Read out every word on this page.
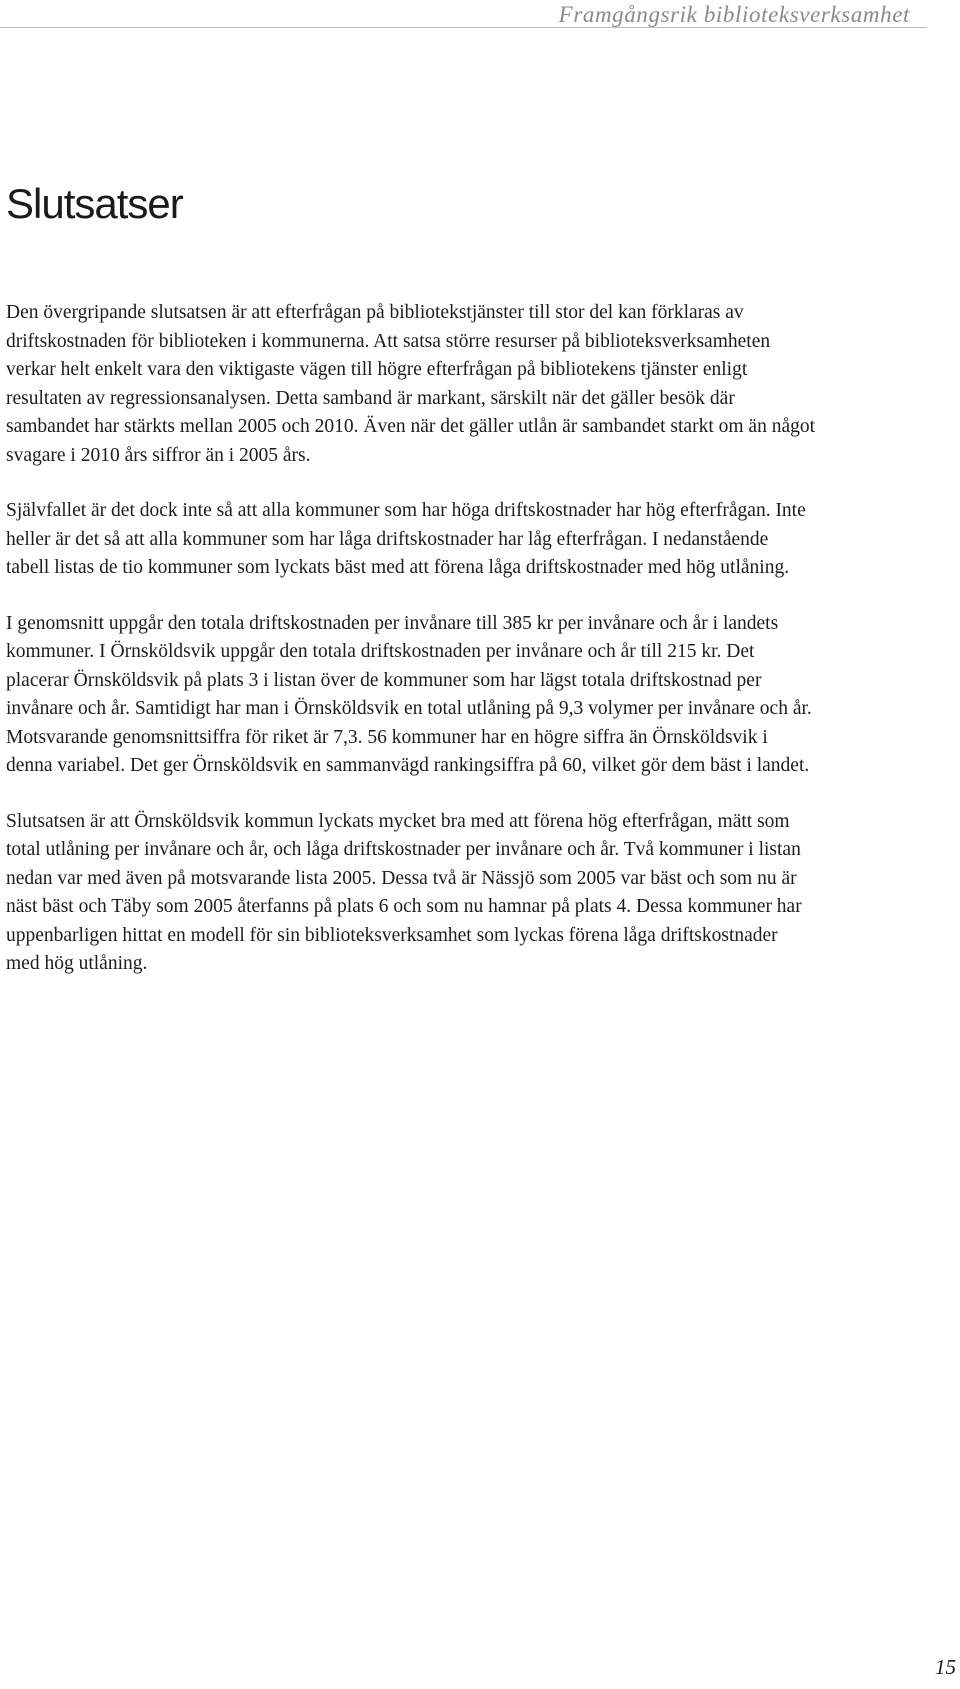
Framgångsrik biblioteksverksamhet
Slutsatser

Den övergripande slutsatsen är att efterfrågan på bibliotekstjänster till stor del kan förklaras av driftskostnaden för biblioteken i kommunerna. Att satsa större resurser på biblioteksverksamheten verkar helt enkelt vara den viktigaste vägen till högre efterfrågan på bibliotekens tjänster enligt resultaten av regressionsanalysen. Detta samband är markant, särskilt när det gäller besök där sambandet har stärkts mellan 2005 och 2010. Även när det gäller utlån är sambandet starkt om än något svagare i 2010 års siffror än i 2005 års.

Självfallet är det dock inte så att alla kommuner som har höga driftskostnader har hög efterfrågan. Inte heller är det så att alla kommuner som har låga driftskostnader har låg efterfrågan. I nedanstående tabell listas de tio kommuner som lyckats bäst med att förena låga driftskostnader med hög utlåning.

I genomsnitt uppgår den totala driftskostnaden per invånare till 385 kr per invånare och år i landets kommuner. I Örnsköldsvik uppgår den totala driftskostnaden per invånare och år till 215 kr. Det placerar Örnsköldsvik på plats 3 i listan över de kommuner som har lägst totala driftskostnad per invånare och år. Samtidigt har man i Örnsköldsvik en total utlåning på 9,3 volymer per invånare och år. Motsvarande genomsnittsiffra för riket är 7,3. 56 kommuner har en högre siffra än Örnsköldsvik i denna variabel. Det ger Örnsköldsvik en sammanvägd rankingsiffra på 60, vilket gör dem bäst i landet.

Slutsatsen är att Örnsköldsvik kommun lyckats mycket bra med att förena hög efterfrågan, mätt som total utlåning per invånare och år, och låga driftskostnader per invånare och år. Två kommuner i listan nedan var med även på motsvarande lista 2005. Dessa två är Nässjö som 2005 var bäst och som nu är näst bäst och Täby som 2005 återfanns på plats 6 och som nu hamnar på plats 4. Dessa kommuner har uppenbarligen hittat en modell för sin biblioteksverksamhet som lyckas förena låga driftskostnader med hög utlåning.

15
